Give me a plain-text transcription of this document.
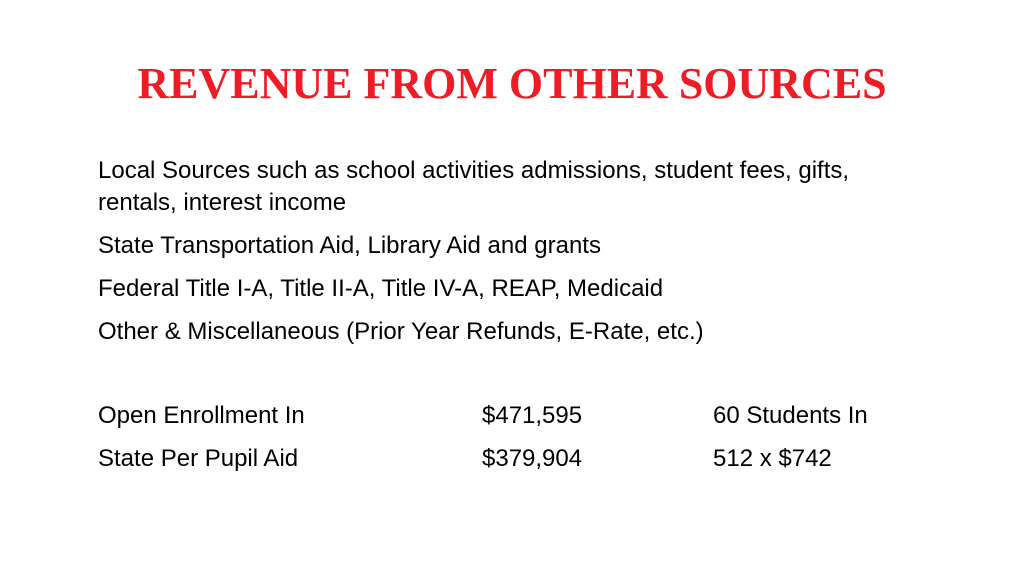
REVENUE FROM OTHER SOURCES
Local Sources such as school activities admissions, student fees, gifts, rentals, interest income
State Transportation Aid, Library Aid and grants
Federal Title I-A, Title II-A, Title IV-A, REAP, Medicaid
Other & Miscellaneous (Prior Year Refunds, E-Rate, etc.)
Open Enrollment In	$471,595	60 Students In
State Per Pupil Aid	$379,904	512 x $742
